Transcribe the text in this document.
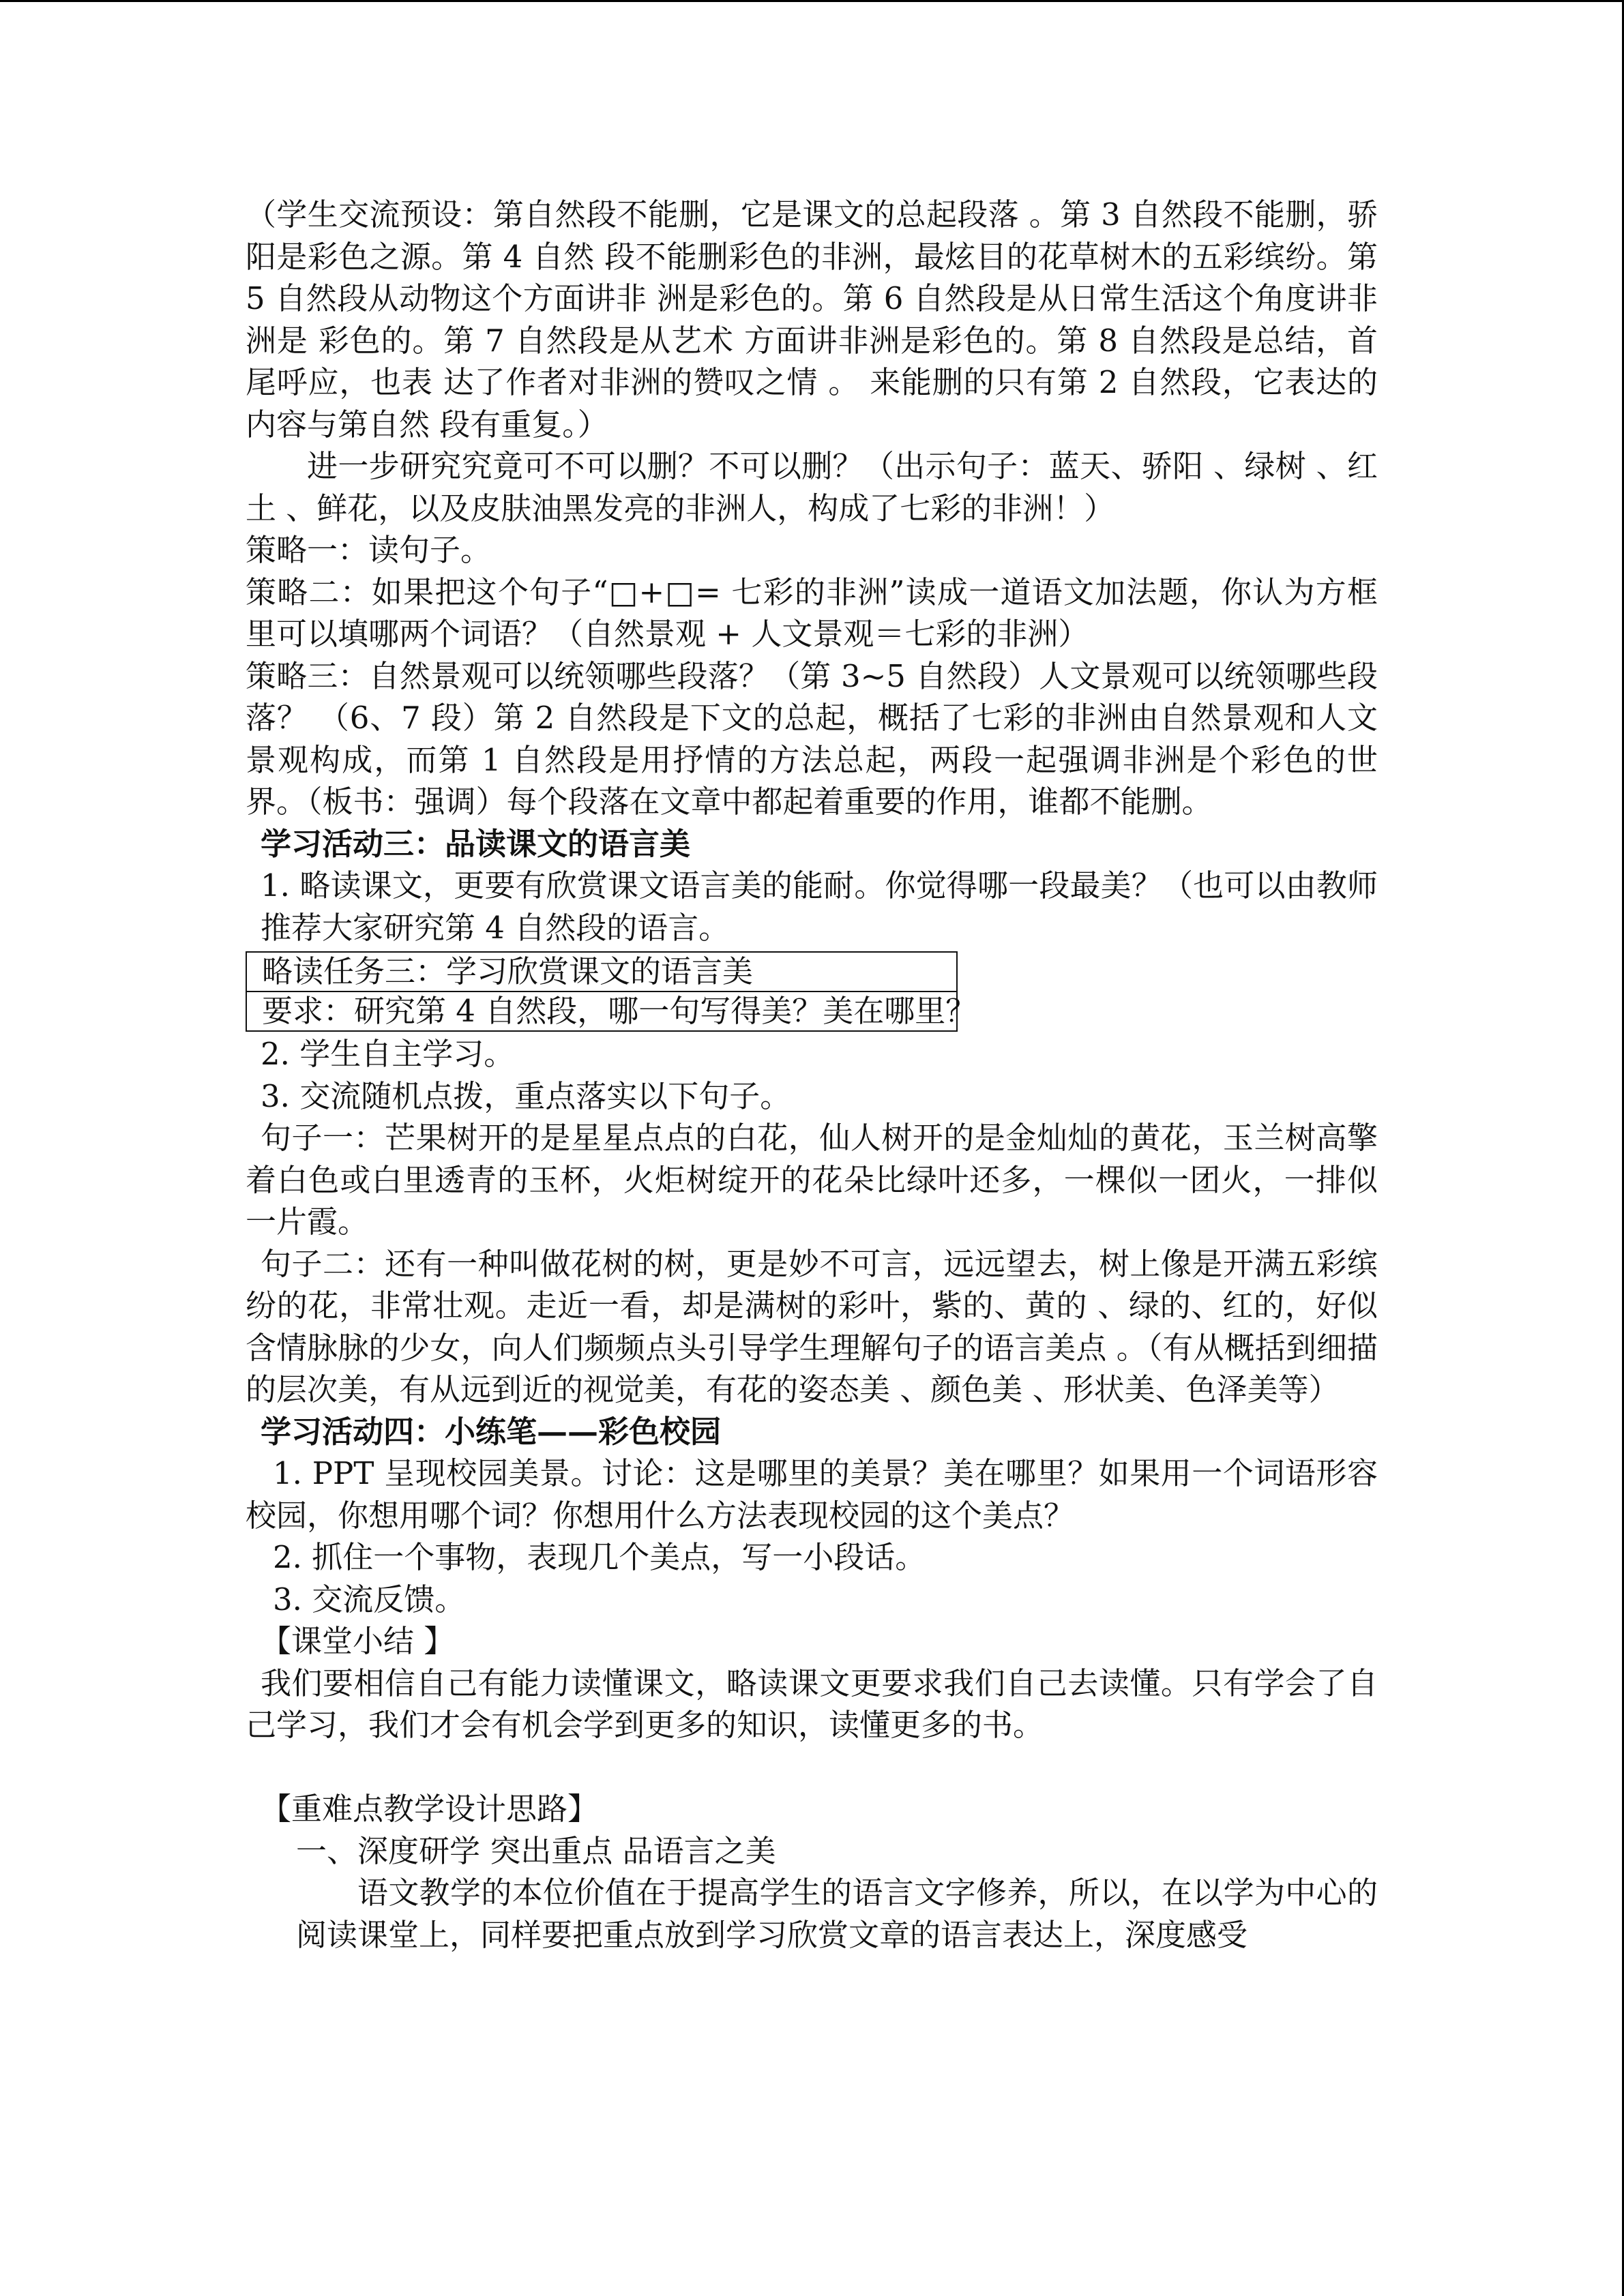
（学生交流预设：第自然段不能删，它是课文的总起段落 。第 3 自然段不能删，骄阳是彩色之源。第 4 自然 段不能删彩色的非洲，最炫目的花草树木的五彩缤纷。第 5 自然段从动物这个方面讲非 洲是彩色的。第 6 自然段是从日常生活这个角度讲非洲是 彩色的。第 7 自然段是从艺术 方面讲非洲是彩色的。第 8 自然段是总结，首尾呼应，也表 达了作者对非洲的赞叹之情 。 来能删的只有第 2 自然段，它表达的内容与第自然 段有重复。）

进一步研究究竟可不可以删？不可以删？（出示句子：蓝天、骄阳 、绿树 、红土 、鲜花，以及皮肤油黑发亮的非洲人，构成了七彩的非洲！）

策略一：读句子。

策略二：如果把这个句子“□+□= 七彩的非洲”读成一道语文加法题，你认为方框里可以填哪两个词语？（自然景观 + 人文景观＝七彩的非洲）

策略三：自然景观可以统领哪些段落？（第 3~5 自然段）人文景观可以统领哪些段落？ （6、7 段）第 2 自然段是下文的总起，概括了七彩的非洲由自然景观和人文景观构成，而第 1 自然段是用抒情的方法总起，两段一起强调非洲是个彩色的世界。（板书：强调）每个段落在文章中都起着重要的作用，谁都不能删。

学习活动三：品读课文的语言美

1. 略读课文，更要有欣赏课文语言美的能耐。你觉得哪一段最美？（也可以由教师推荐大家研究第 4 自然段的语言。

略读任务三：学习欣赏课文的语言美
要求：研究第 4 自然段，哪一句写得美？美在哪里？

2. 学生自主学习。

3. 交流随机点拨，重点落实以下句子。

句子一：芒果树开的是星星点点的白花，仙人树开的是金灿灿的黄花，玉兰树高擎着白色或白里透青的玉杯，火炬树绽开的花朵比绿叶还多，一棵似一团火，一排似一片霞。

句子二：还有一种叫做花树的树，更是妙不可言，远远望去，树上像是开满五彩缤纷的花，非常壮观。走近一看，却是满树的彩叶，紫的、黄的 、绿的、红的，好似含情脉脉的少女，向人们频频点头引导学生理解句子的语言美点 。（有从概括到细描的层次美，有从远到近的视觉美，有花的姿态美 、颜色美 、形状美、色泽美等）

学习活动四：小练笔——彩色校园

1. PPT 呈现校园美景。讨论：这是哪里的美景？美在哪里？如果用一个词语形容校园，你想用哪个词？你想用什么方法表现校园的这个美点？

2. 抓住一个事物，表现几个美点，写一小段话。

3. 交流反馈。

【课堂小结 】

我们要相信自己有能力读懂课文，略读课文更要求我们自己去读懂。只有学会了自己学习，我们才会有机会学到更多的知识，读懂更多的书。

【重难点教学设计思路】

一、深度研学 突出重点 品语言之美

语文教学的本位价值在于提高学生的语言文字修养，所以，在以学为中心的阅读课堂上，同样要把重点放到学习欣赏文章的语言表达上，深度感受
